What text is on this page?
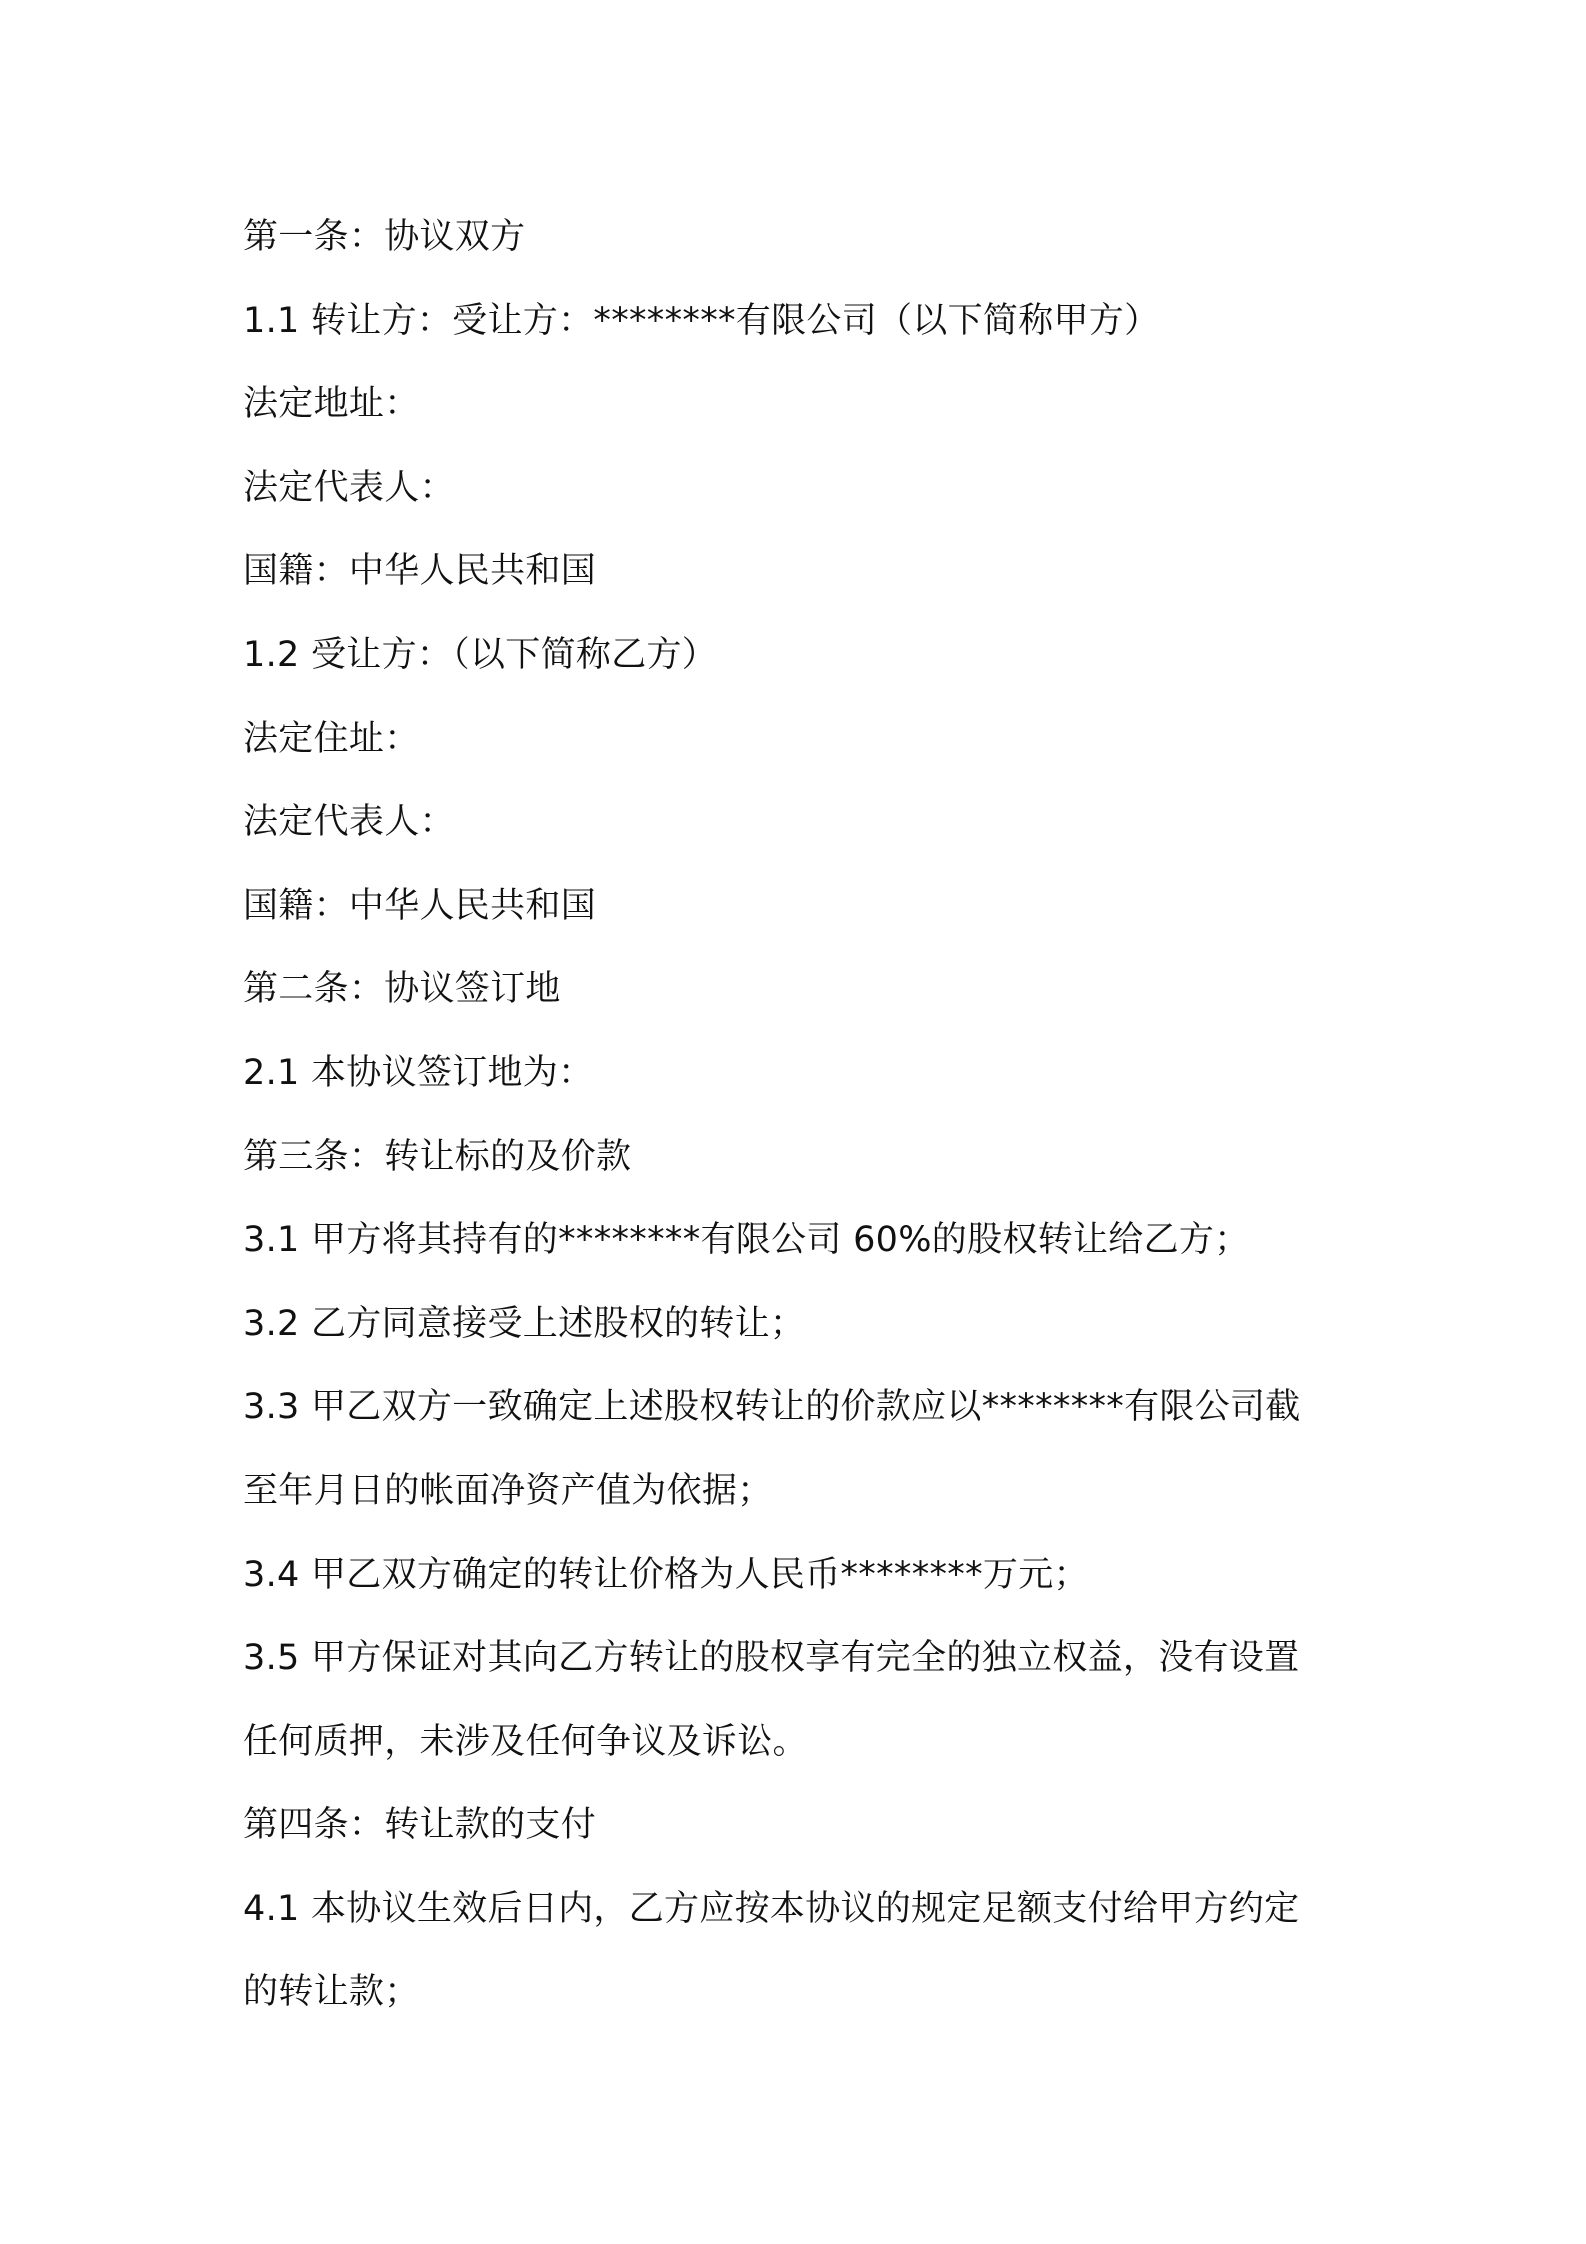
第一条：协议双方
1.1 转让方：受让方：********有限公司（以下简称甲方）
法定地址：
法定代表人：
国籍：中华人民共和国
1.2 受让方：（以下简称乙方）
法定住址：
法定代表人：
国籍：中华人民共和国
第二条：协议签订地
2.1 本协议签订地为：
第三条：转让标的及价款
3.1 甲方将其持有的********有限公司 60%的股权转让给乙方；
3.2 乙方同意接受上述股权的转让；
3.3 甲乙双方一致确定上述股权转让的价款应以********有限公司截
至年月日的帐面净资产值为依据；
3.4 甲乙双方确定的转让价格为人民币********万元；
3.5 甲方保证对其向乙方转让的股权享有完全的独立权益，没有设置
任何质押，未涉及任何争议及诉讼。
第四条：转让款的支付
4.1 本协议生效后日内，乙方应按本协议的规定足额支付给甲方约定
的转让款；
